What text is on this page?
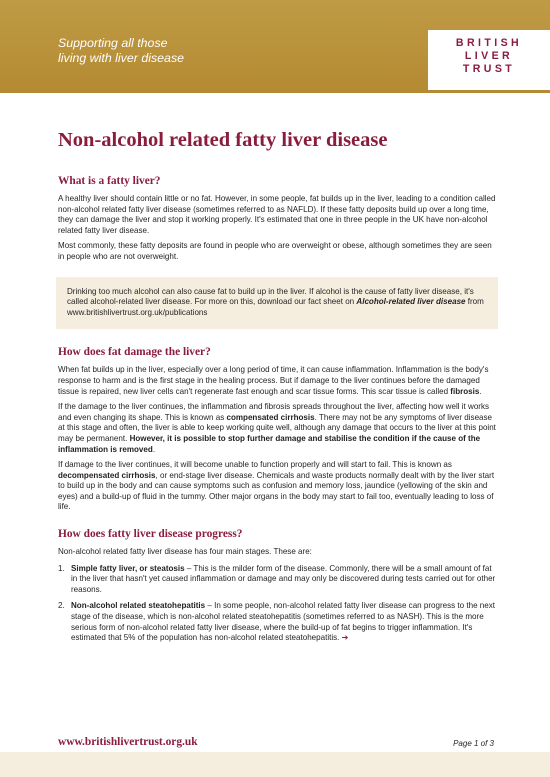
Supporting all those
living with liver disease
BRITISH
LIVER
TRUST
Non-alcohol related fatty liver disease
What is a fatty liver?

A healthy liver should contain little or no fat. However, in some people, fat builds up in the liver, leading to a condition called non-alcohol related fatty liver disease (sometimes referred to as NAFLD). If these fatty deposits build up over a long time, they can damage the liver and stop it working properly. It's estimated that one in three people in the UK have non-alcohol related fatty liver disease.

Most commonly, these fatty deposits are found in people who are overweight or obese, although sometimes they are seen in people who are not overweight.

Drinking too much alcohol can also cause fat to build up in the liver. If alcohol is the cause of fatty liver disease, it's called alcohol-related liver disease. For more on this, download our fact sheet on Alcohol-related liver disease from www.britishlivertrust.org.uk/publications

How does fat damage the liver?

When fat builds up in the liver, especially over a long period of time, it can cause inflammation. Inflammation is the body's response to harm and is the first stage in the healing process. But if damage to the liver continues before the damaged tissue is repaired, new liver cells can't regenerate fast enough and scar tissue forms. This scar tissue is called fibrosis.

If the damage to the liver continues, the inflammation and fibrosis spreads throughout the liver, affecting how well it works and even changing its shape. This is known as compensated cirrhosis. There may not be any symptoms of liver disease at this stage and often, the liver is able to keep working quite well, although any damage that occurs to the liver at this point may be permanent. However, it is possible to stop further damage and stabilise the condition if the cause of the inflammation is removed.

If damage to the liver continues, it will become unable to function properly and will start to fail. This is known as decompensated cirrhosis, or end-stage liver disease. Chemicals and waste products normally dealt with by the liver start to build up in the body and can cause symptoms such as confusion and memory loss, jaundice (yellowing of the skin and eyes) and a build-up of fluid in the tummy. Other major organs in the body may start to fail too, eventually leading to loss of life.

How does fatty liver disease progress?

Non-alcohol related fatty liver disease has four main stages. These are:

1. Simple fatty liver, or steatosis – This is the milder form of the disease. Commonly, there will be a small amount of fat in the liver that hasn't yet caused inflammation or damage and may only be discovered during tests carried out for other reasons.
2. Non-alcohol related steatohepatitis – In some people, non-alcohol related fatty liver disease can progress to the next stage of the disease, which is non-alcohol related steatohepatitis (sometimes referred to as NASH). This is the more serious form of non-alcohol related fatty liver disease, where the build-up of fat begins to trigger inflammation. It's estimated that 5% of the population has non-alcohol related steatohepatitis. ➔
www.britishlivertrust.org.uk	Page 1 of 3
